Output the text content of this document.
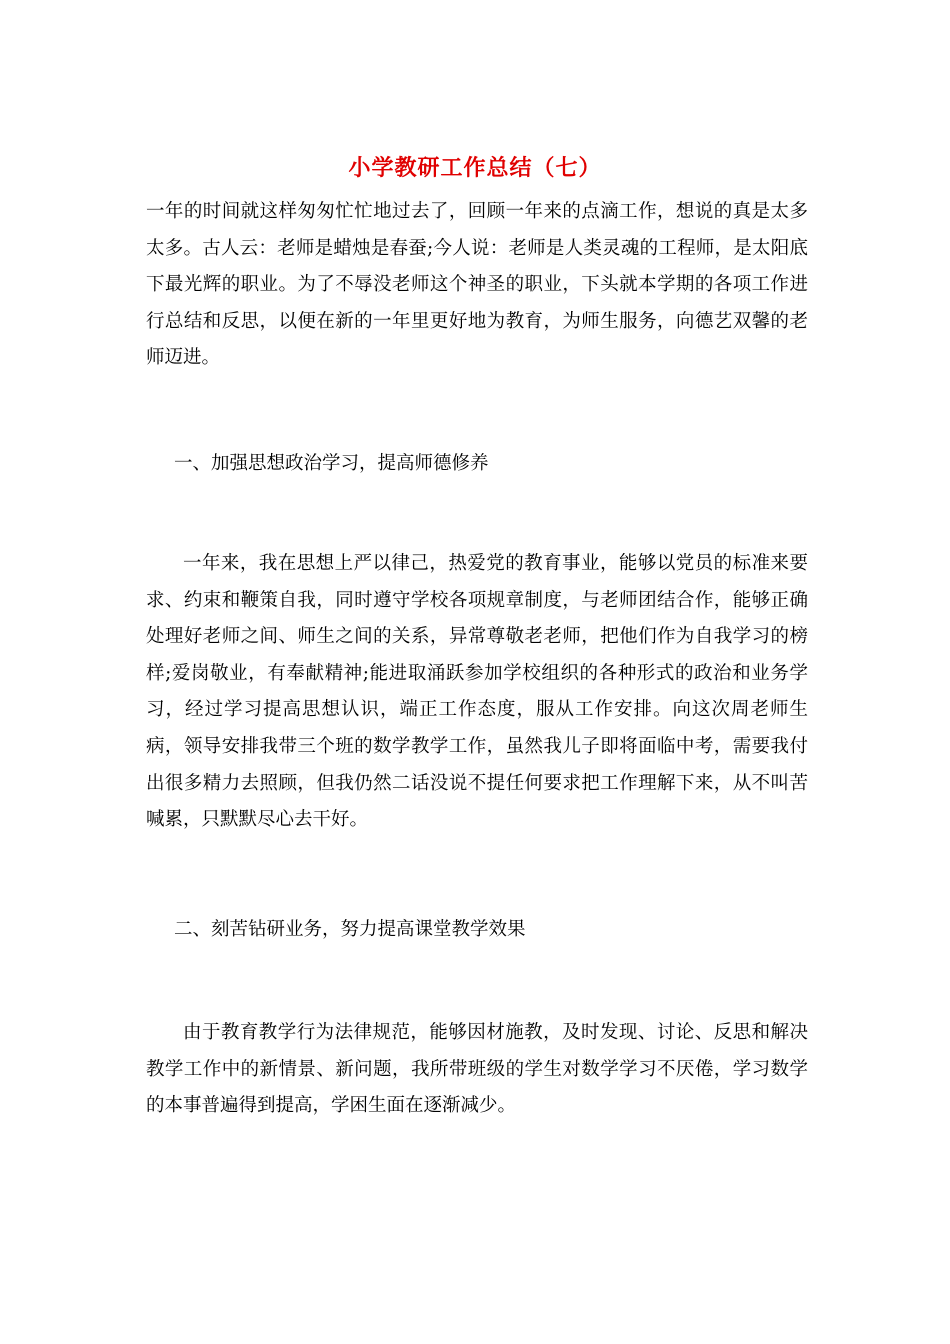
小学教研工作总结（七）

一年的时间就这样匆匆忙忙地过去了，回顾一年来的点滴工作，想说的真是太多太多。古人云：老师是蜡烛是春蚕;今人说：老师是人类灵魂的工程师，是太阳底下最光辉的职业。为了不辱没老师这个神圣的职业，下头就本学期的各项工作进行总结和反思，以便在新的一年里更好地为教育，为师生服务，向德艺双馨的老师迈进。

一、加强思想政治学习，提高师德修养

一年来，我在思想上严以律己，热爱党的教育事业，能够以党员的标准来要求、约束和鞭策自我，同时遵守学校各项规章制度，与老师团结合作，能够正确处理好老师之间、师生之间的关系，异常尊敬老老师，把他们作为自我学习的榜样;爱岗敬业，有奉献精神;能进取涌跃参加学校组织的各种形式的政治和业务学习，经过学习提高思想认识，端正工作态度，服从工作安排。向这次周老师生病，领导安排我带三个班的数学教学工作，虽然我儿子即将面临中考，需要我付出很多精力去照顾，但我仍然二话没说不提任何要求把工作理解下来，从不叫苦喊累，只默默尽心去干好。

二、刻苦钻研业务，努力提高课堂教学效果

由于教育教学行为法律规范，能够因材施教，及时发现、讨论、反思和解决教学工作中的新情景、新问题，我所带班级的学生对数学学习不厌倦，学习数学的本事普遍得到提高，学困生面在逐渐减少。
